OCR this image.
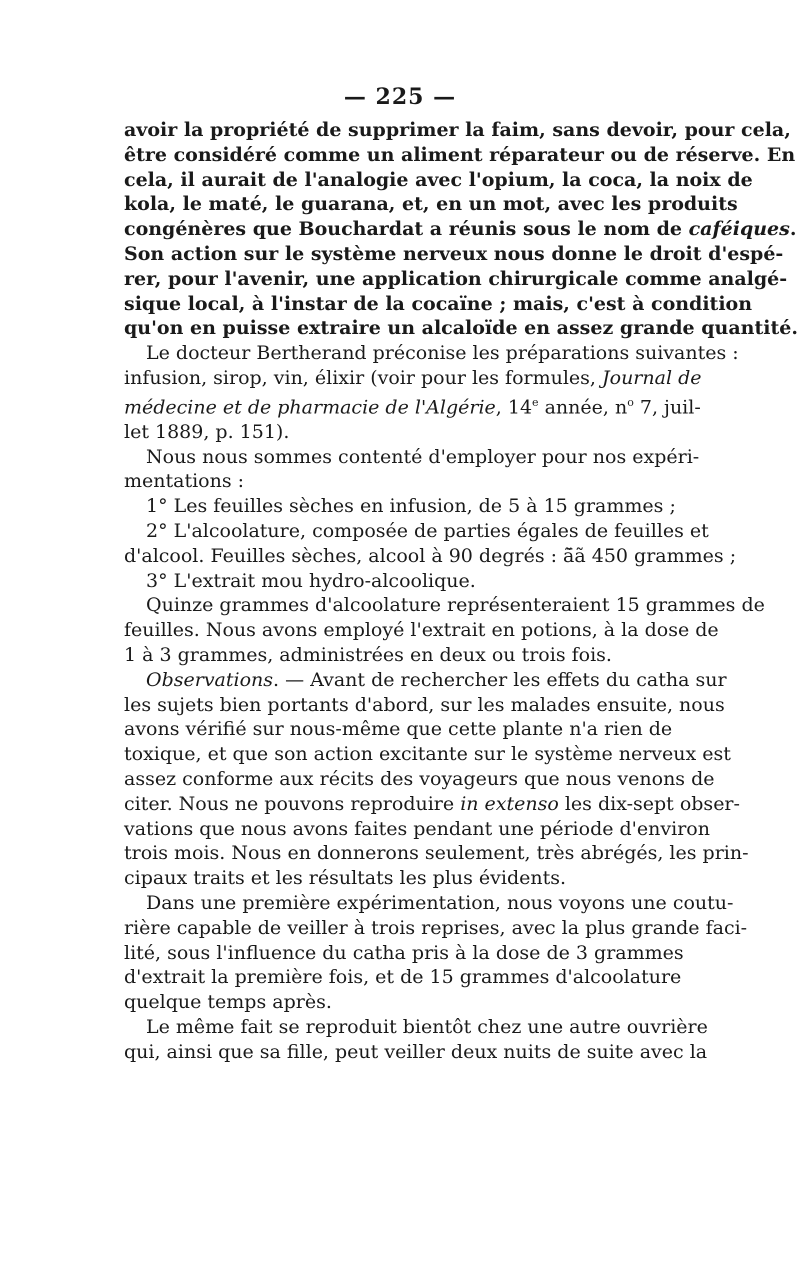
— 225 —

avoir la propriété de supprimer la faim, sans devoir, pour cela,
être considéré comme un aliment réparateur ou de réserve. En
cela, il aurait de l'analogie avec l'opium, la coca, la noix de
kola, le maté, le guarana, et, en un mot, avec les produits
congénères que Bouchardat a réunis sous le nom de caféiques.
Son action sur le système nerveux nous donne le droit d'espé-
rer, pour l'avenir, une application chirurgicale comme analgé-
sique local, à l'instar de la cocaïne ; mais, c'est à condition
qu'on en puisse extraire un alcaloïde en assez grande quantité.

Le docteur Bertherand préconise les préparations suivantes :
infusion, sirop, vin, élixir (voir pour les formules, Journal de
médecine et de pharmacie de l'Algérie, 14e année, $n^o$ 7, juil-
let 1889, p. 151).

Nous nous sommes contenté d'employer pour nos expéri-
mentations :

1° Les feuilles sèches en infusion, de 5 à 15 grammes ;

2° L'alcoolature, composée de parties égales de feuilles et
d'alcool. Feuilles sèches, alcool à 90 degrés : ã̄ã 450 grammes ;

3° L'extrait mou hydro-alcoolique.

Quinze grammes d'alcoolature représenteraient 15 grammes de
feuilles. Nous avons employé l'extrait en potions, à la dose de
1 à 3 grammes, administrées en deux ou trois fois.

Observations. — Avant de rechercher les effets du catha sur
les sujets bien portants d'abord, sur les malades ensuite, nous
avons vérifié sur nous-même que cette plante n'a rien de
toxique, et que son action excitante sur le système nerveux est
assez conforme aux récits des voyageurs que nous venons de
citer. Nous ne pouvons reproduire in extenso les dix-sept obser-
vations que nous avons faites pendant une période d'environ
trois mois. Nous en donnerons seulement, très abrégés, les prin-
cipaux traits et les résultats les plus évidents.

Dans une première expérimentation, nous voyons une coutu-
rière capable de veiller à trois reprises, avec la plus grande faci-
lité, sous l'influence du catha pris à la dose de 3 grammes
d'extrait la première fois, et de 15 grammes d'alcoolature
quelque temps après.

Le même fait se reproduit bientôt chez une autre ouvrière
qui, ainsi que sa fille, peut veiller deux nuits de suite avec la
